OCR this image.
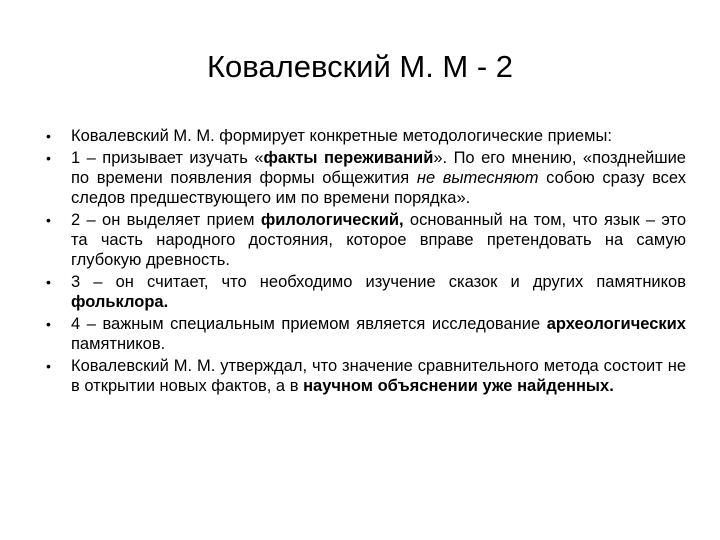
Ковалевский М. М - 2
•	Ковалевский М. М. формирует конкретные методологические приемы:
•	1 – призывает изучать «факты переживаний». По его мнению, «позднейшие по времени появления формы общежития не вытесняют собою сразу всех следов предшествующего им по времени порядка».
•	2 – он выделяет прием филологический, основанный на том, что язык – это та часть народного достояния, которое вправе претендовать на самую глубокую древность.
•	3 – он считает, что необходимо изучение сказок и других памятников фольклора.
•	4 – важным специальным приемом является исследование археологических памятников.
•	Ковалевский М. М. утверждал, что значение сравнительного метода состоит не в открытии новых фактов, а в научном объяснении уже найденных.
